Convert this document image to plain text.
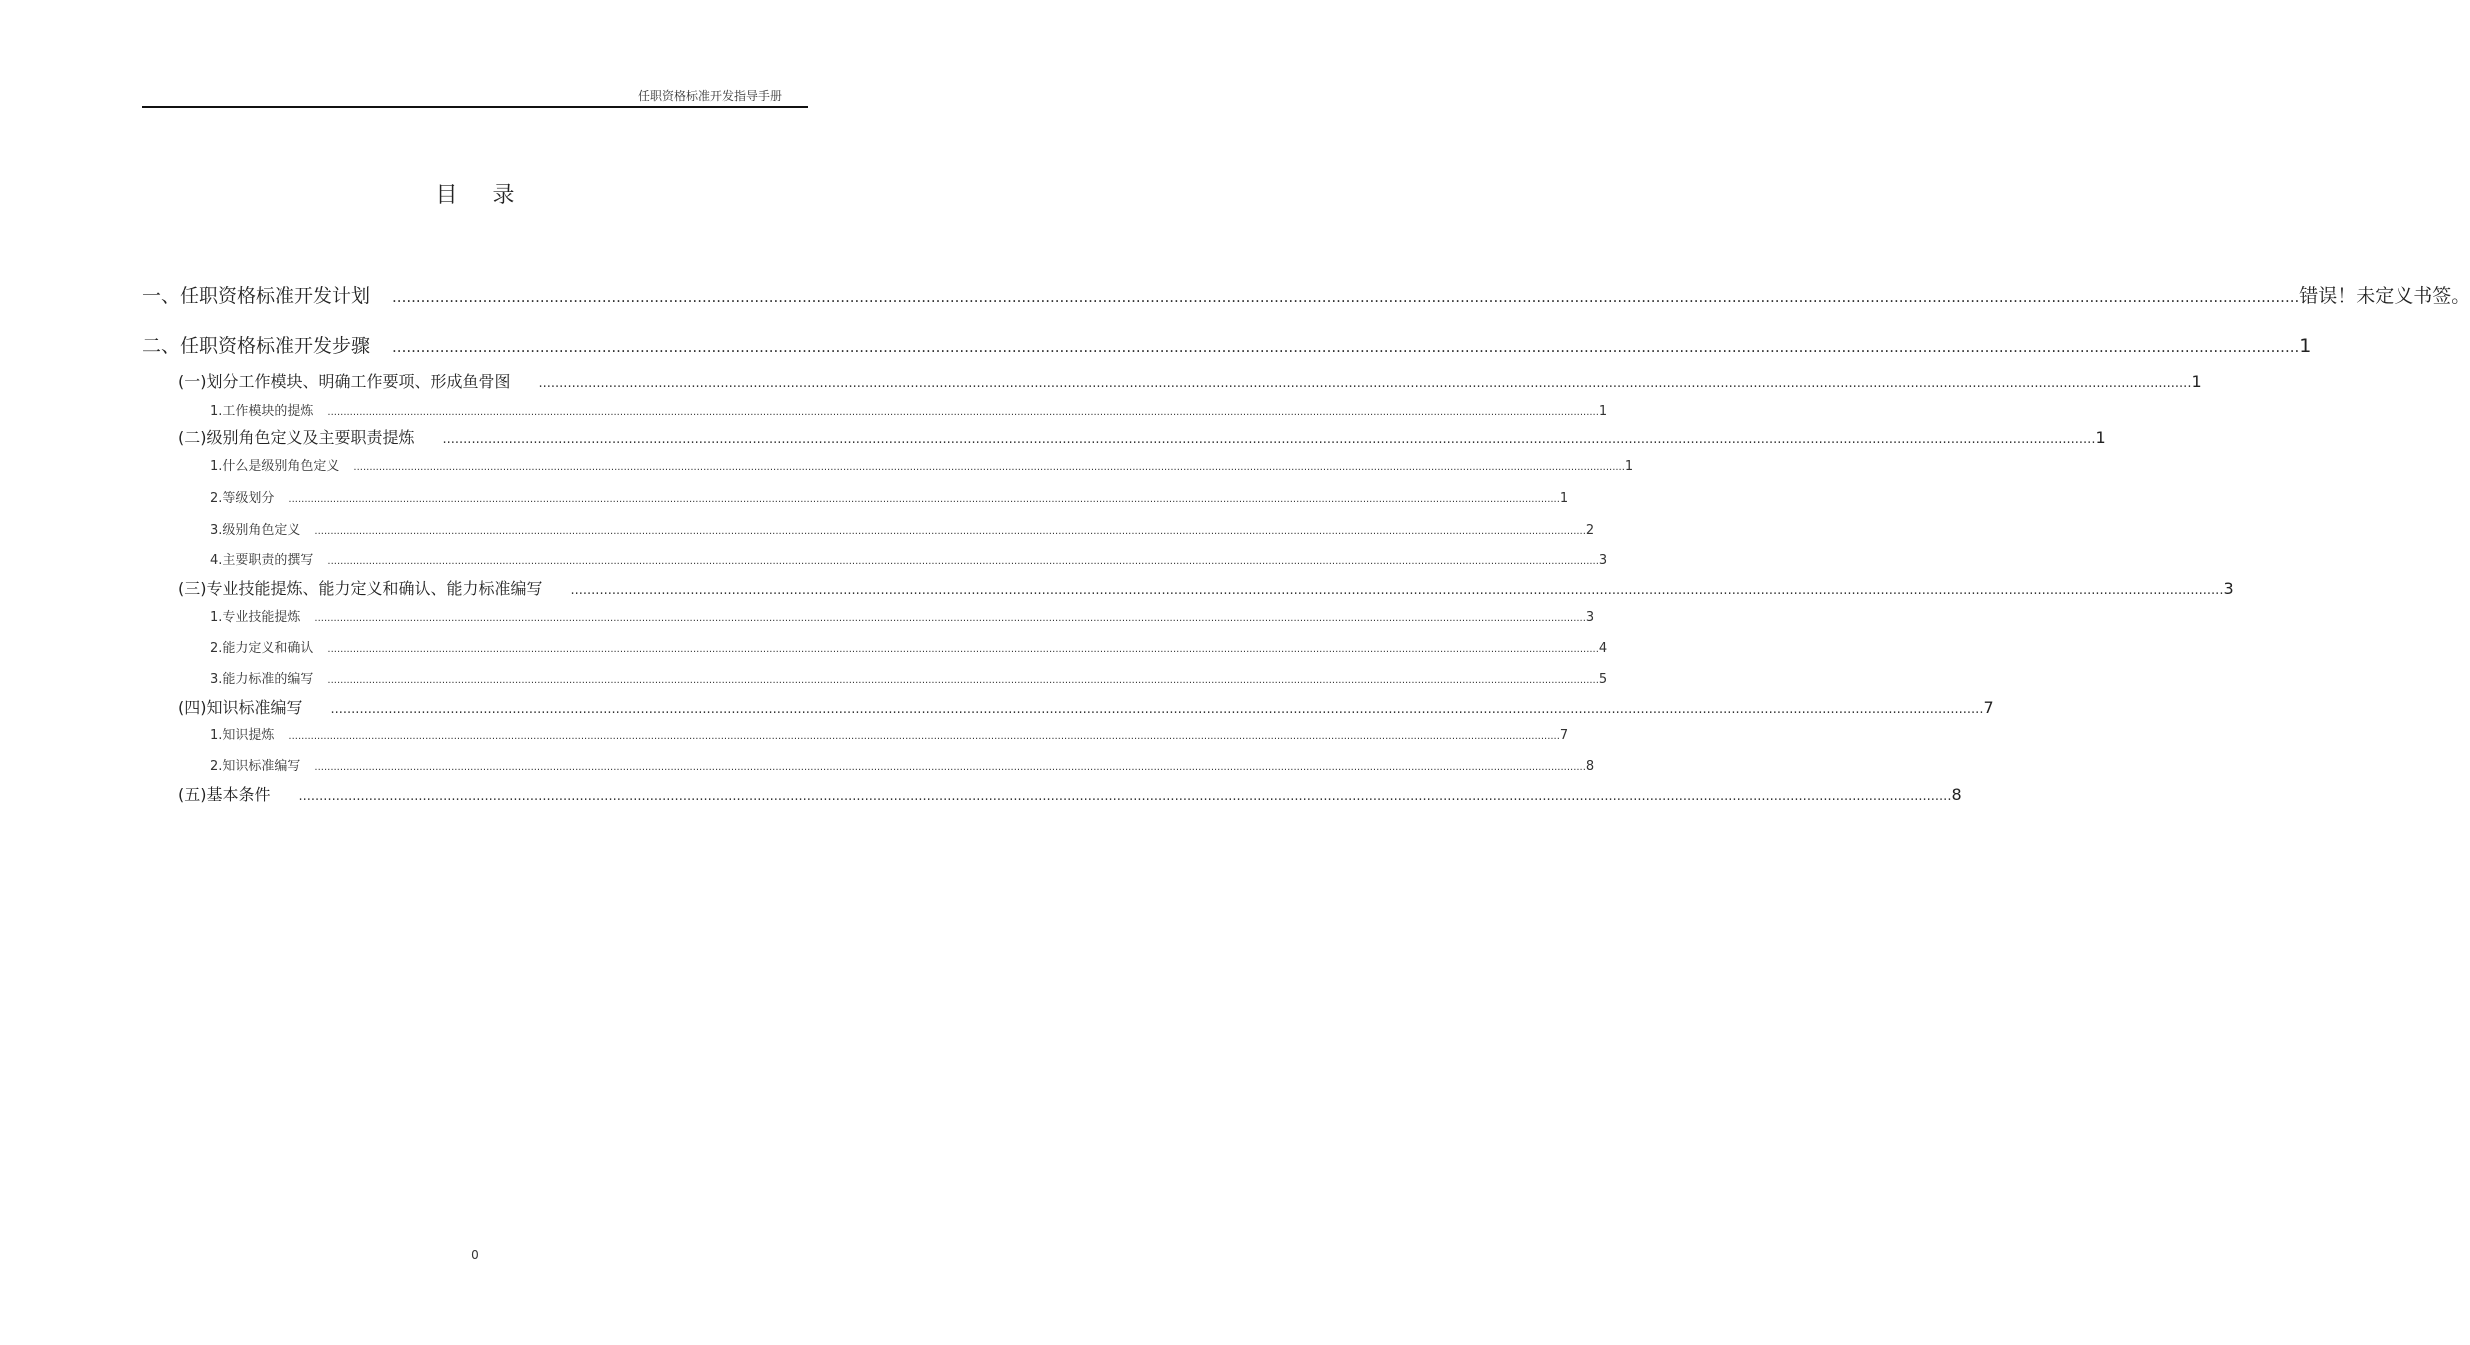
任职资格标准开发指导手册
目 录
一、 任职资格标准开发计划 ................................................................................................................................................................................................................................................................................................................................................................................................................ 错误！未定义书签。
二、 任职资格标准开发步骤 ................................................................................................................................................................................................................................................................................................................................................................................................................ 1
(一) 划分工作模块、明确工作要项、形成鱼骨图 ................................................................................................................................................................................................................................................................................................................................................................................................................ 1
1. 工作模块的提炼 ................................................................................................................................................................................................................................................................................................................................................................................................................ 1
(二) 级别角色定义及主要职责提炼 ................................................................................................................................................................................................................................................................................................................................................................................................................ 1
1. 什么是级别角色定义 ................................................................................................................................................................................................................................................................................................................................................................................................................ 1
2. 等级划分 ................................................................................................................................................................................................................................................................................................................................................................................................................ 1
3. 级别角色定义 ................................................................................................................................................................................................................................................................................................................................................................................................................ 2
4. 主要职责的撰写 ................................................................................................................................................................................................................................................................................................................................................................................................................ 3
(三) 专业技能提炼、能力定义和确认、能力标准编写 ................................................................................................................................................................................................................................................................................................................................................................................................................ 3
1. 专业技能提炼 ................................................................................................................................................................................................................................................................................................................................................................................................................ 3
2. 能力定义和确认 ................................................................................................................................................................................................................................................................................................................................................................................................................ 4
3. 能力标准的编写 ................................................................................................................................................................................................................................................................................................................................................................................................................ 5
(四) 知识标准编写 ................................................................................................................................................................................................................................................................................................................................................................................................................ 7
1. 知识提炼 ................................................................................................................................................................................................................................................................................................................................................................................................................ 7
2. 知识标准编写 ................................................................................................................................................................................................................................................................................................................................................................................................................ 8
(五) 基本条件 ................................................................................................................................................................................................................................................................................................................................................................................................................ 8
0
